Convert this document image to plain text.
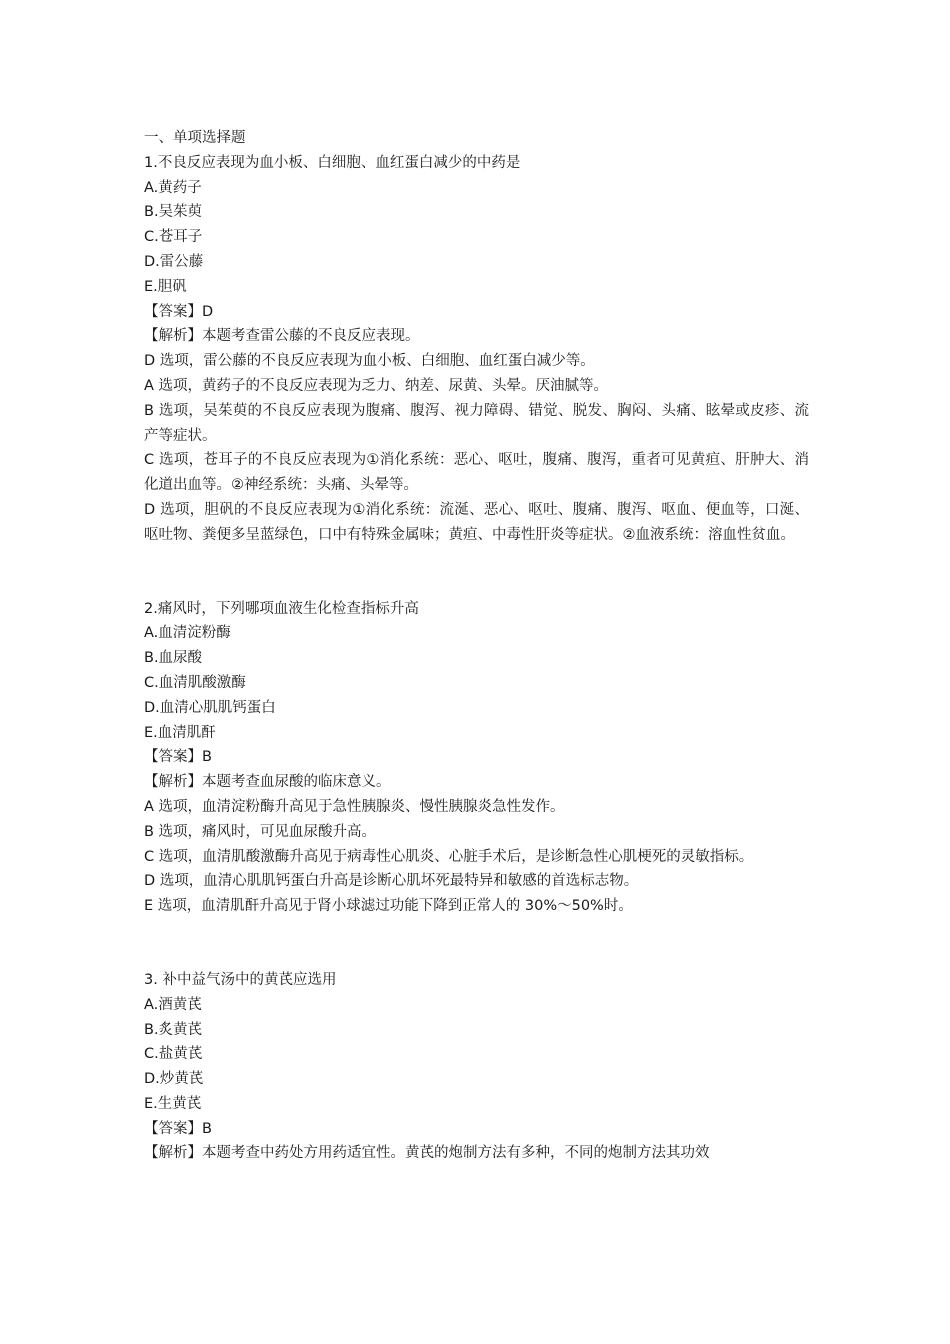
一、单项选择题

1.不良反应表现为血小板、白细胞、血红蛋白减少的中药是

A.黄药子

B.吴茱萸

C.苍耳子

D.雷公藤

E.胆矾

【答案】D

【解析】本题考查雷公藤的不良反应表现。

D 选项，雷公藤的不良反应表现为血小板、白细胞、血红蛋白减少等。

A 选项，黄药子的不良反应表现为乏力、纳差、尿黄、头晕。厌油腻等。

B 选项，吴茱萸的不良反应表现为腹痛、腹泻、视力障碍、错觉、脱发、胸闷、头痛、眩晕或皮疹、流产等症状。

C 选项，苍耳子的不良反应表现为①消化系统：恶心、呕吐，腹痛、腹泻，重者可见黄疸、肝肿大、消化道出血等。②神经系统：头痛、头晕等。

D 选项，胆矾的不良反应表现为①消化系统：流涎、恶心、呕吐、腹痛、腹泻、呕血、便血等，口涎、呕吐物、粪便多呈蓝绿色，口中有特殊金属味；黄疸、中毒性肝炎等症状。②血液系统：溶血性贫血。

2.痛风时，下列哪项血液生化检查指标升高

A.血清淀粉酶

B.血尿酸

C.血清肌酸激酶

D.血清心肌肌钙蛋白

E.血清肌酐

【答案】B

【解析】本题考查血尿酸的临床意义。

A 选项，血清淀粉酶升高见于急性胰腺炎、慢性胰腺炎急性发作。

B 选项，痛风时，可见血尿酸升高。

C 选项，血清肌酸激酶升高见于病毒性心肌炎、心脏手术后，是诊断急性心肌梗死的灵敏指标。

D 选项，血清心肌肌钙蛋白升高是诊断心肌坏死最特异和敏感的首选标志物。

E 选项，血清肌酐升高见于肾小球滤过功能下降到正常人的 30%～50%时。

3. 补中益气汤中的黄芪应选用

A.酒黄芪

B.炙黄芪

C.盐黄芪

D.炒黄芪

E.生黄芪

【答案】B

【解析】本题考查中药处方用药适宜性。黄芪的炮制方法有多种，不同的炮制方法其功效
